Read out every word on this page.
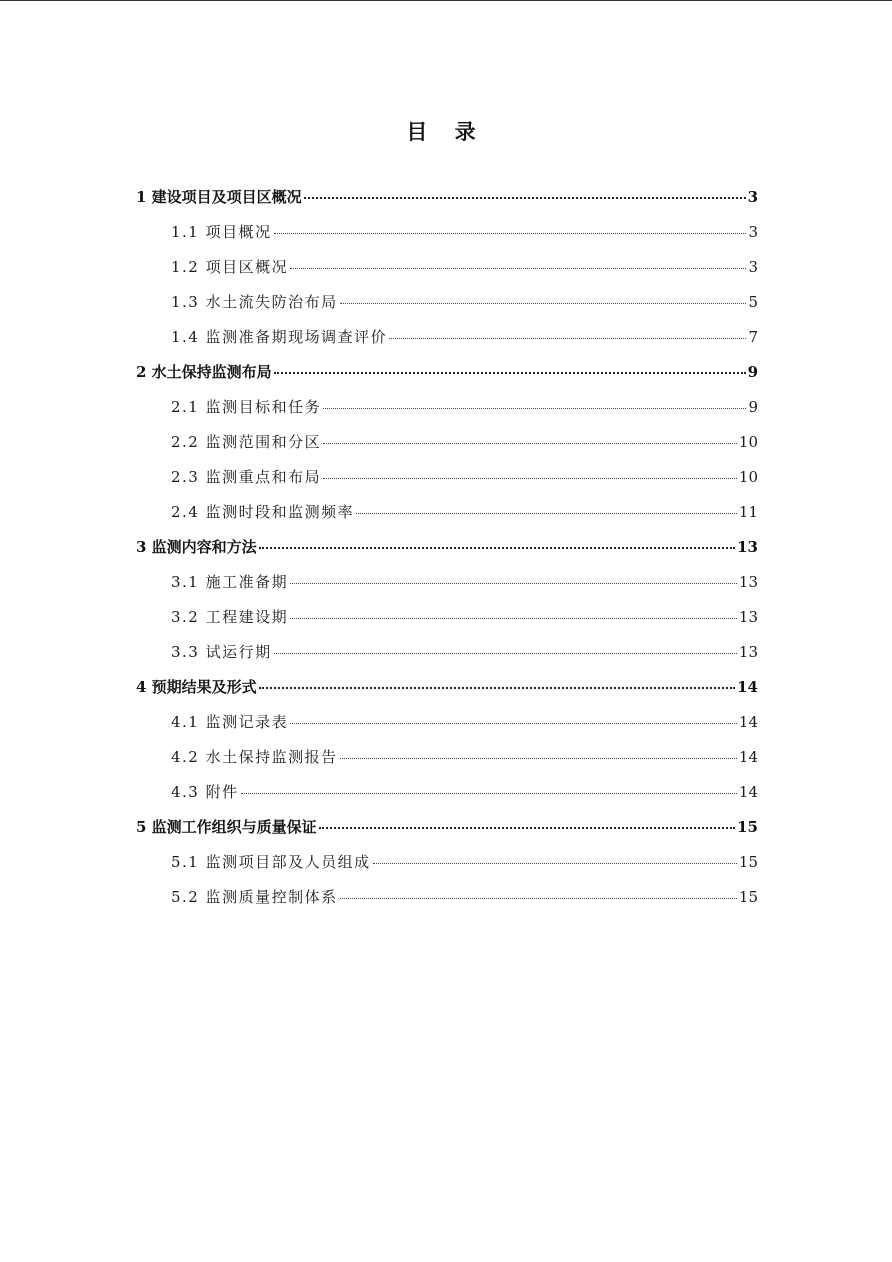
目 录
1 建设项目及项目区概况	3
1.1 项目概况	3
1.2 项目区概况	3
1.3 水土流失防治布局	5
1.4 监测准备期现场调查评价	7
2 水土保持监测布局	9
2.1 监测目标和任务	9
2.2 监测范围和分区	10
2.3 监测重点和布局	10
2.4 监测时段和监测频率	11
3 监测内容和方法	13
3.1 施工准备期	13
3.2 工程建设期	13
3.3 试运行期	13
4 预期结果及形式	14
4.1 监测记录表	14
4.2 水土保持监测报告	14
4.3 附件	14
5 监测工作组织与质量保证	15
5.1 监测项目部及人员组成	15
5.2 监测质量控制体系	15
